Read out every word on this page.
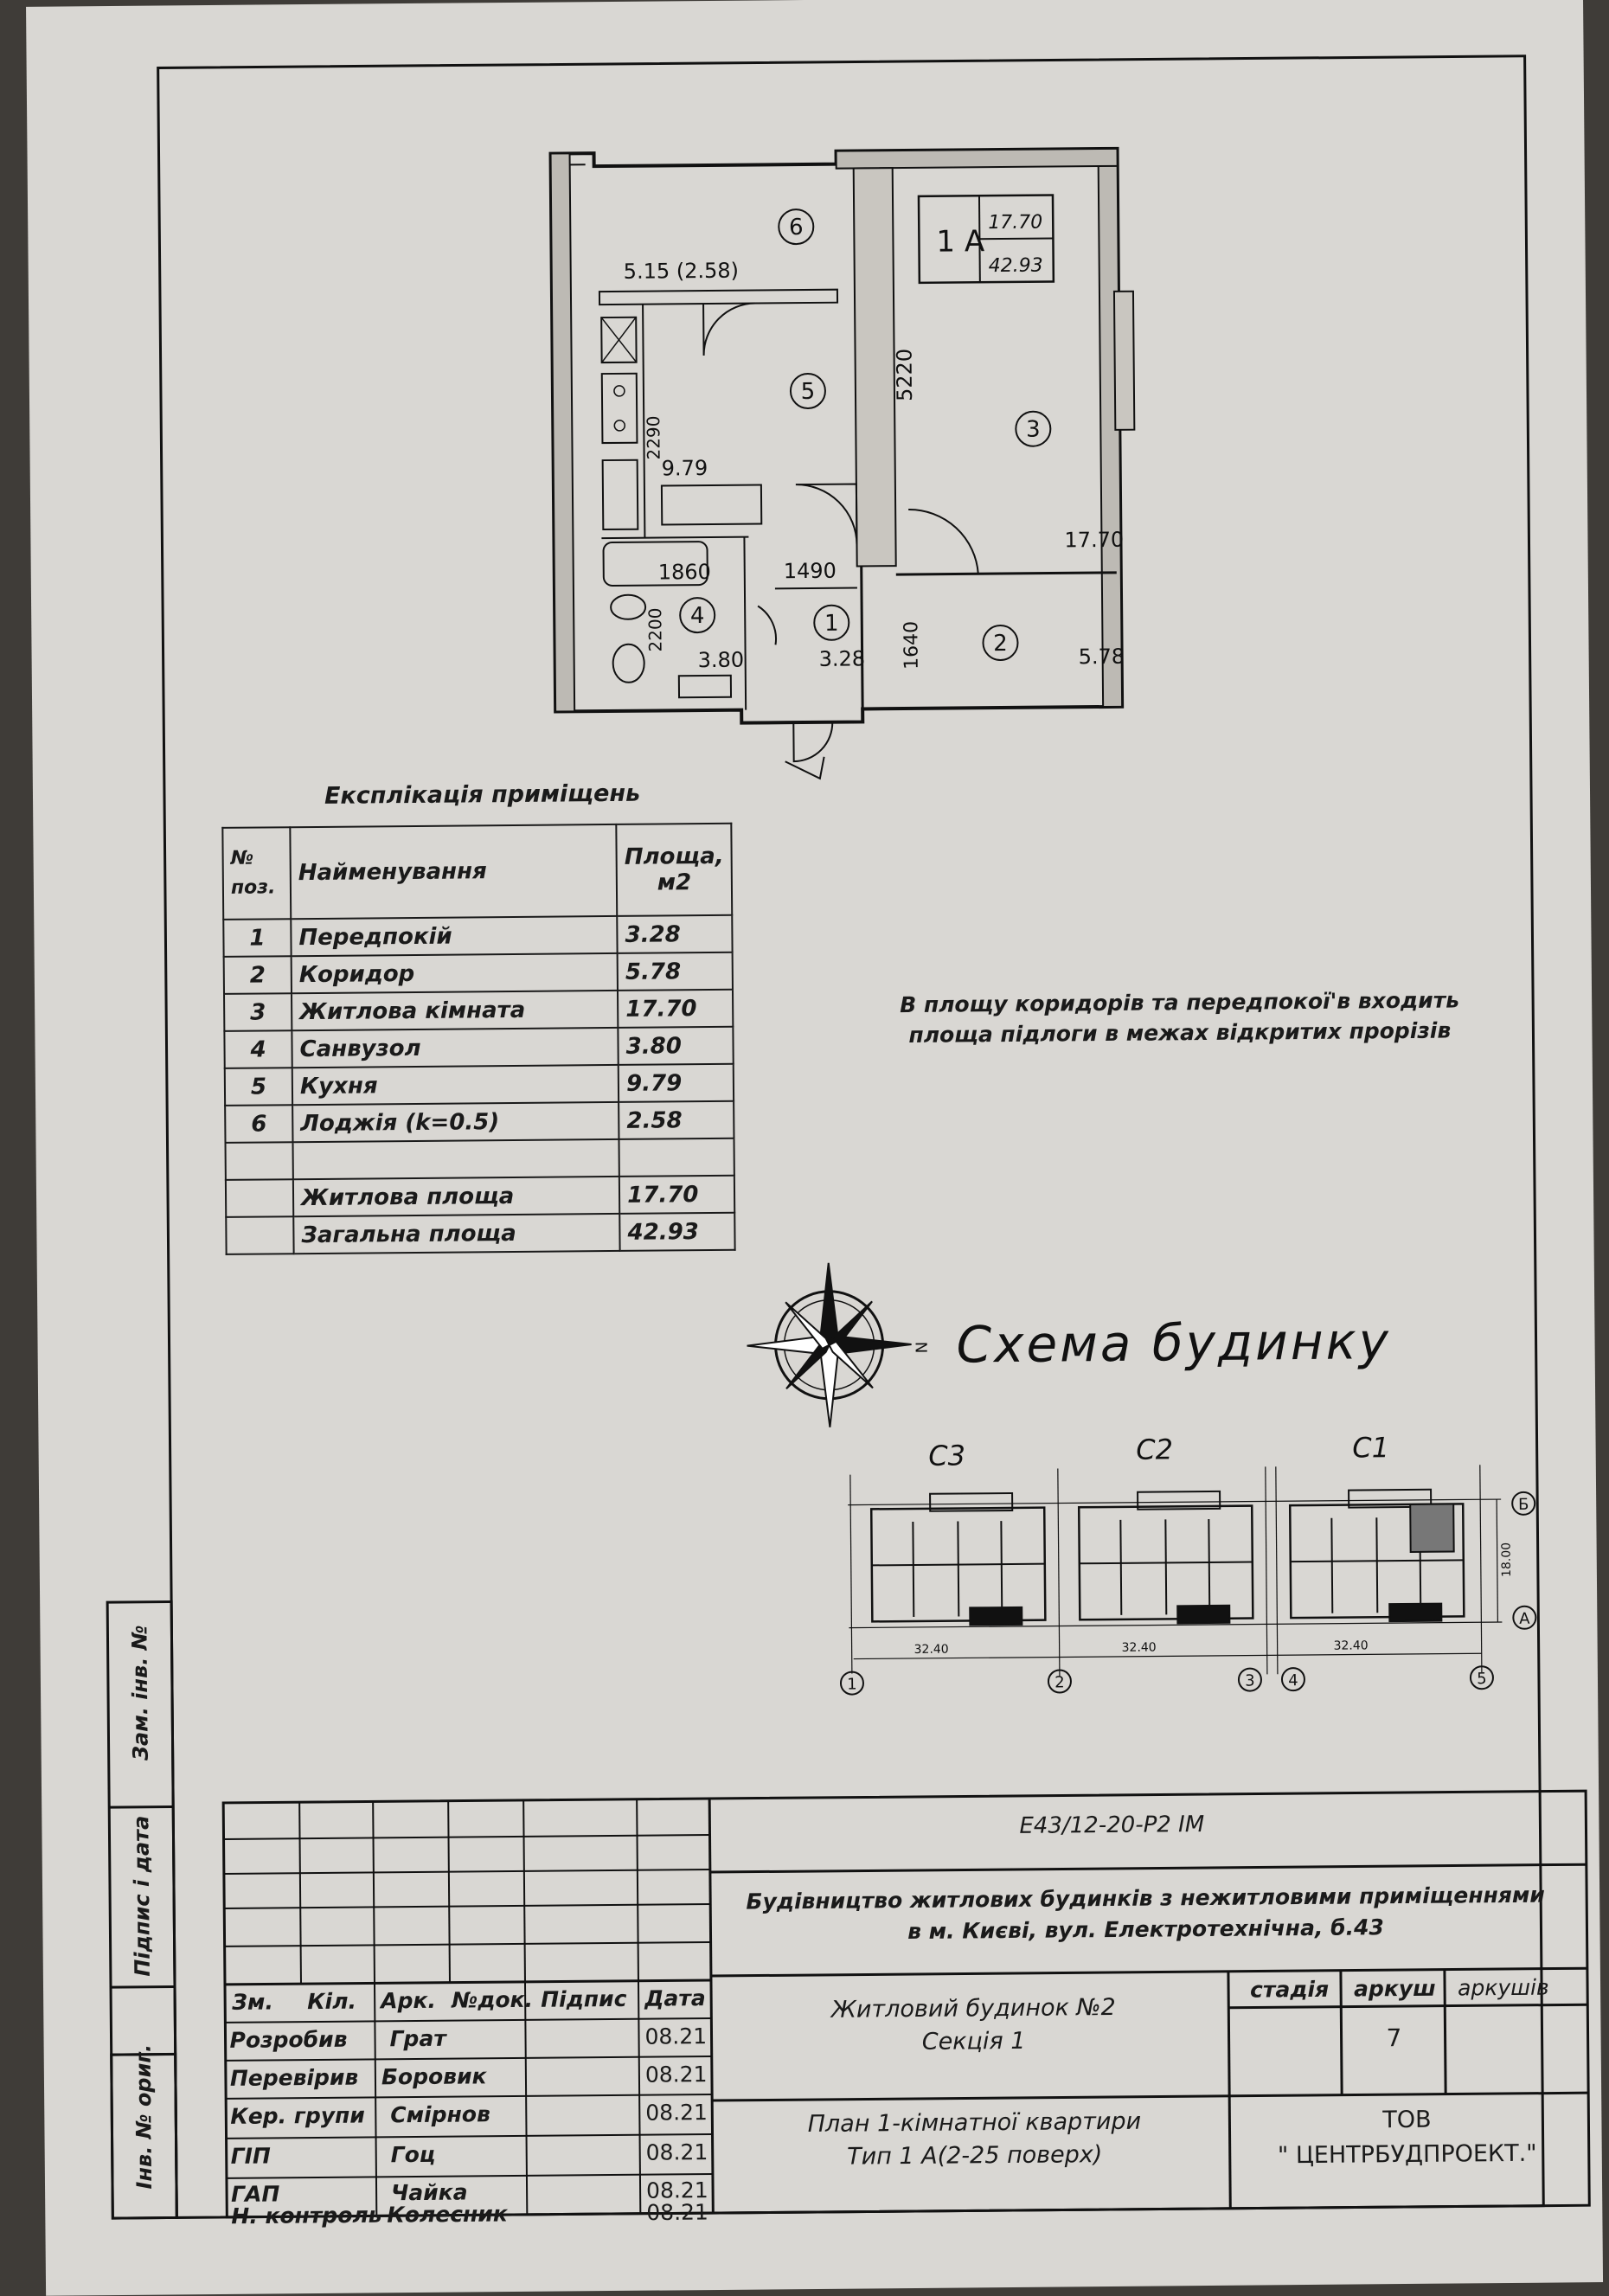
6
5
3
4	1
2
5.15 (2.58)
9.79
17.70
3.80	3.28	5.78
1 А
17.70
42.93
5220
1860	1490
1640
2290
2200
N
С3	С2	С1
32.40	32.40	32.40
18.00
1	2	3 4	5
Б
А
Експлікація приміщень
№ поз.	Найменування	Площа, м2
1	Передпокій	3.28
2	Коридор	5.78
3	Житлова кімната	17.70
4	Санвузол	3.80
5	Кухня	9.79
6	Лоджія (k=0.5)	2.58

	Житлова площа	17.70
	Загальна площа	42.93
В площу коридорів та передпокої'в входить
площа підлоги в межах відкритих прорізів
Схема будинку
Інв. № ориг.
Підпис і дата
Зам. інв. №
Зм. Кіл. Арк. №док. Підпис Дата
Розробив Грат	08.21
Перевірив Боровик	08.21
Кер. групи Смірнов	08.21
ГІП	Гоц	08.21
ГАП	Чайка	08.21
Н. контроль Колесник	08.21
Е43/12-20-Р2 ІМ
Будівництво житлових будинків з нежитловими приміщеннями
в м. Києві, вул. Електротехнічна, б.43
Житловий будинок №2
Секція 1
План 1-кімнатної квартири
Тип 1 А(2-25 поверх)
ТОВ
" ЦЕНТРБУДПРОЕКТ."
стадія аркуш аркушів
7
